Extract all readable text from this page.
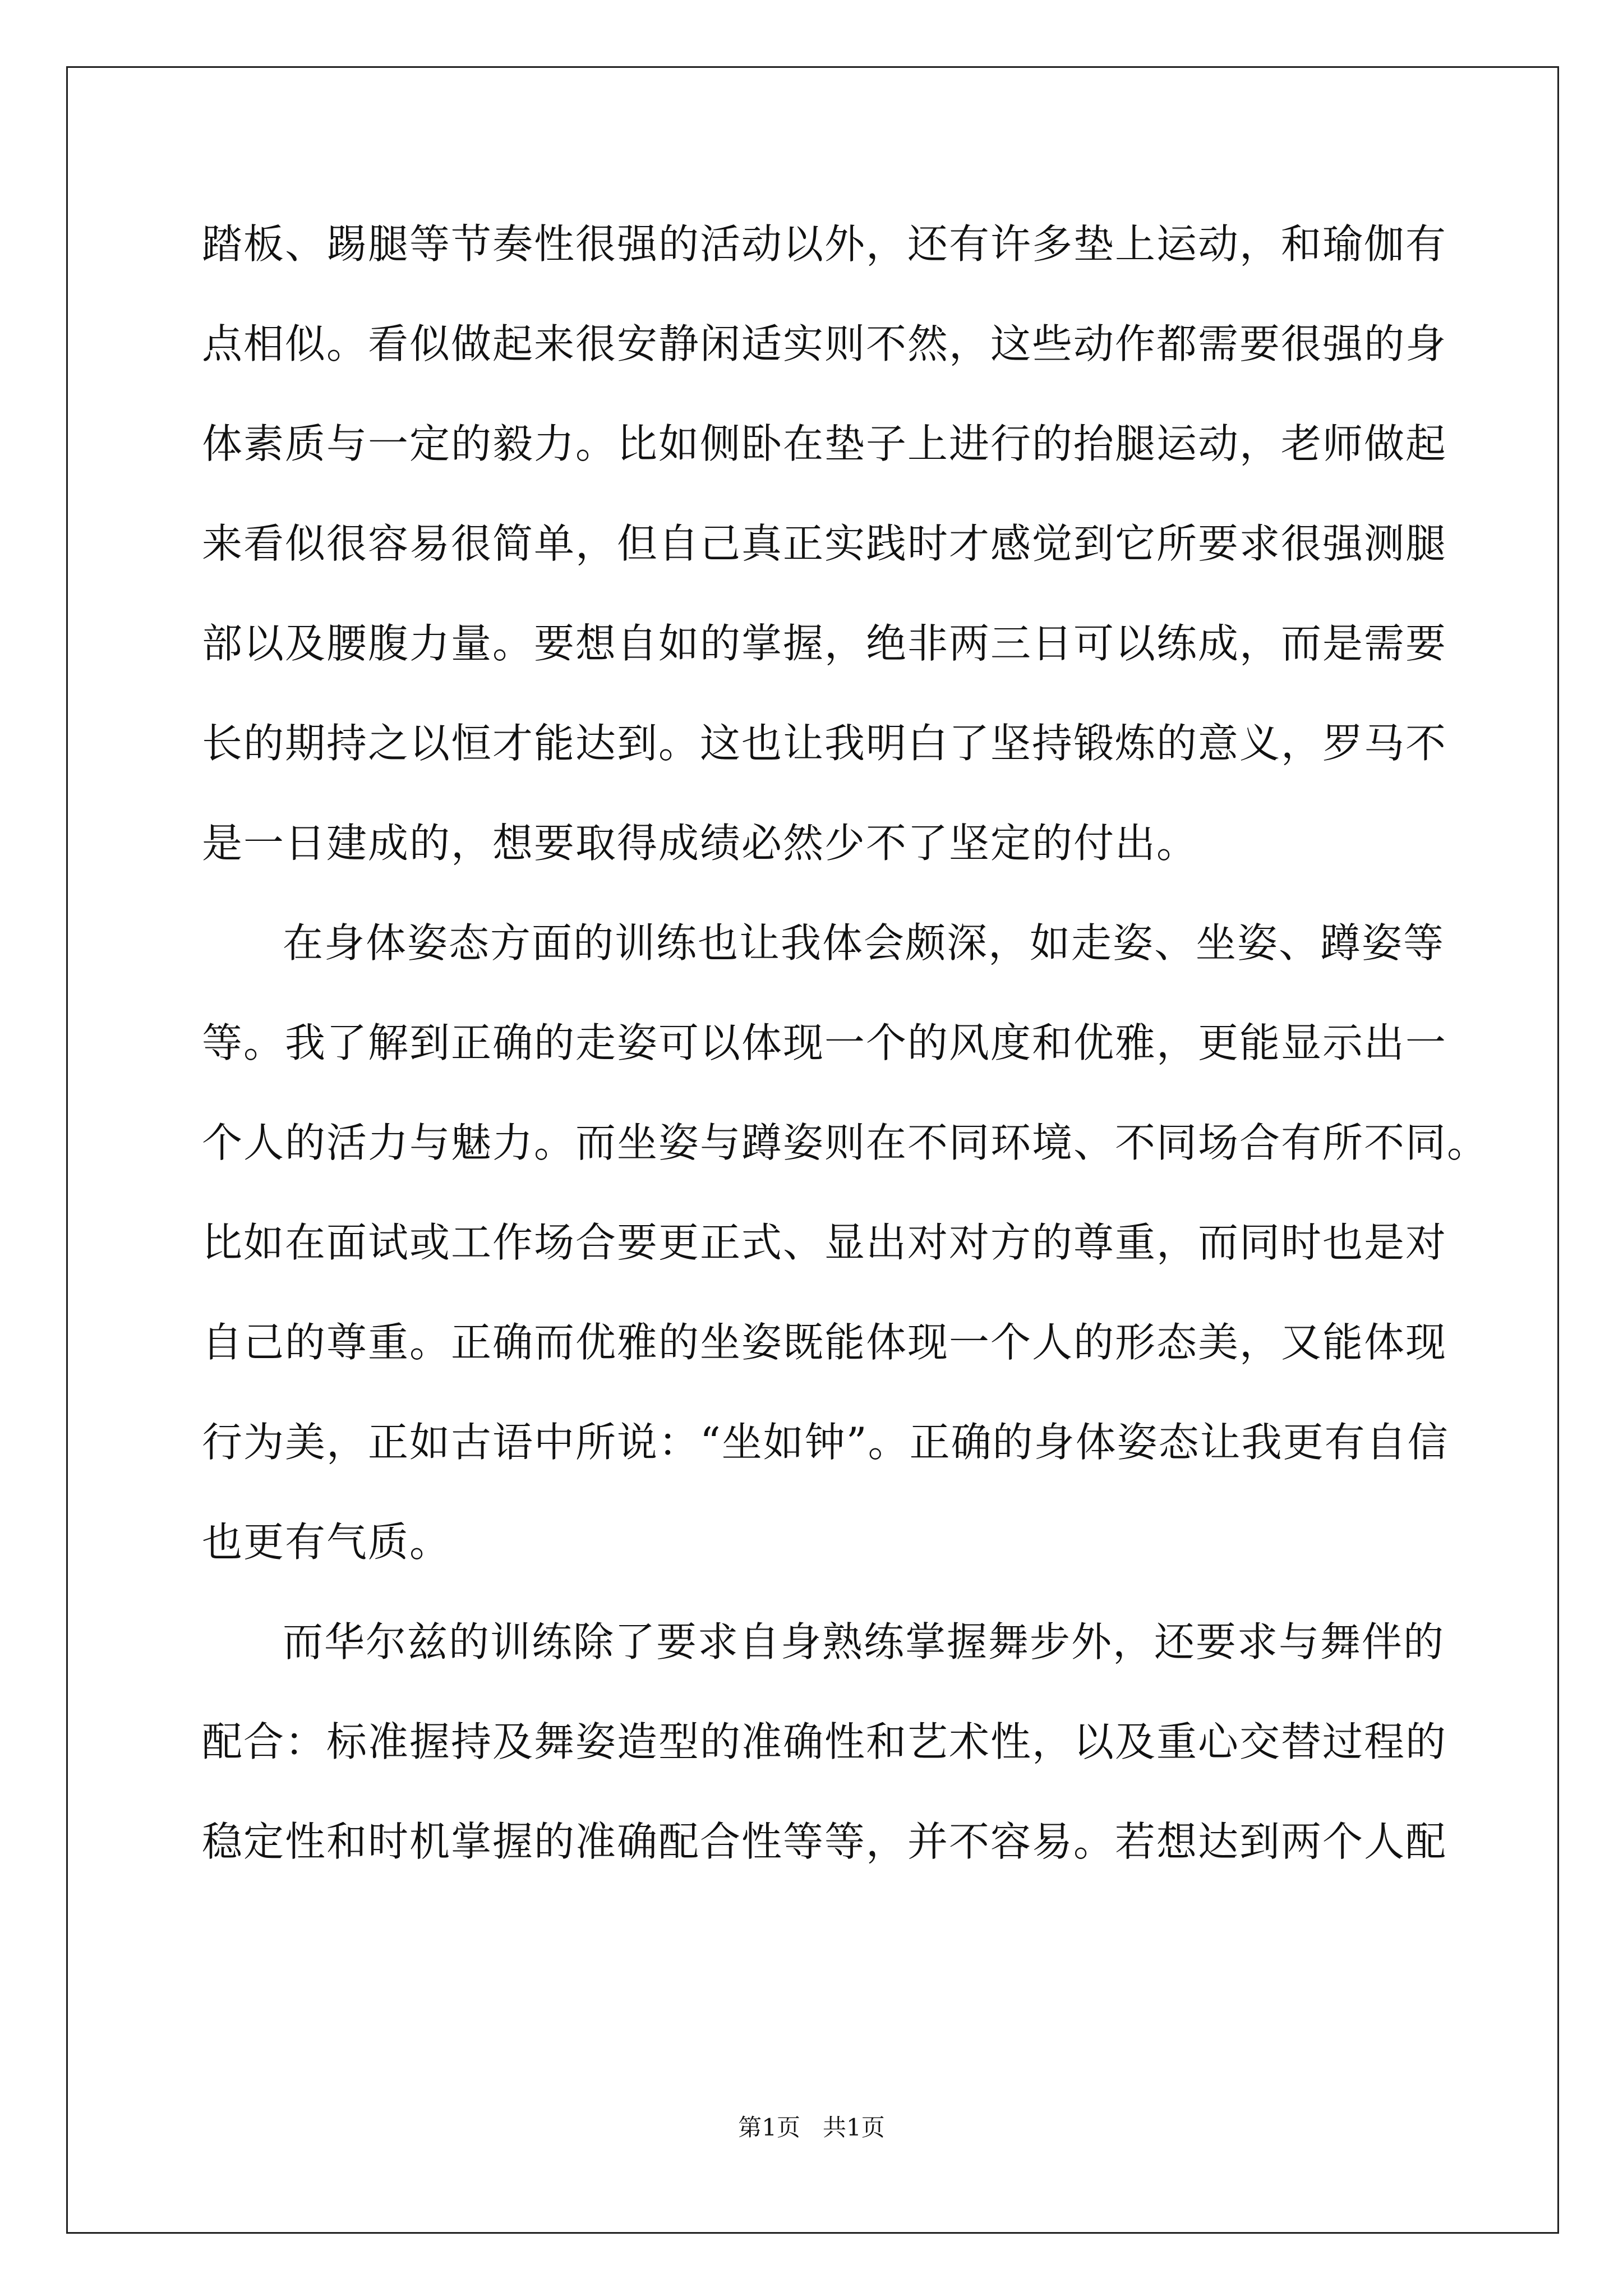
踏板、踢腿等节奏性很强的活动以外，还有许多垫上运动，和瑜伽有

点相似。看似做起来很安静闲适实则不然，这些动作都需要很强的身

体素质与一定的毅力。比如侧卧在垫子上进行的抬腿运动，老师做起

来看似很容易很简单，但自己真正实践时才感觉到它所要求很强测腿

部以及腰腹力量。要想自如的掌握，绝非两三日可以练成，而是需要

长的期持之以恒才能达到。这也让我明白了坚持锻炼的意义，罗马不

是一日建成的，想要取得成绩必然少不了坚定的付出。

在身体姿态方面的训练也让我体会颇深，如走姿、坐姿、蹲姿等

等。我了解到正确的走姿可以体现一个的风度和优雅，更能显示出一

个人的活力与魅力。而坐姿与蹲姿则在不同环境、不同场合有所不同。

比如在面试或工作场合要更正式、显出对对方的尊重，而同时也是对

自己的尊重。正确而优雅的坐姿既能体现一个人的形态美，又能体现

行为美，正如古语中所说：“坐如钟”。正确的身体姿态让我更有自信

也更有气质。

而华尔兹的训练除了要求自身熟练掌握舞步外，还要求与舞伴的

配合：标准握持及舞姿造型的准确性和艺术性，以及重心交替过程的

稳定性和时机掌握的准确配合性等等，并不容易。若想达到两个人配

第1页   共1页
